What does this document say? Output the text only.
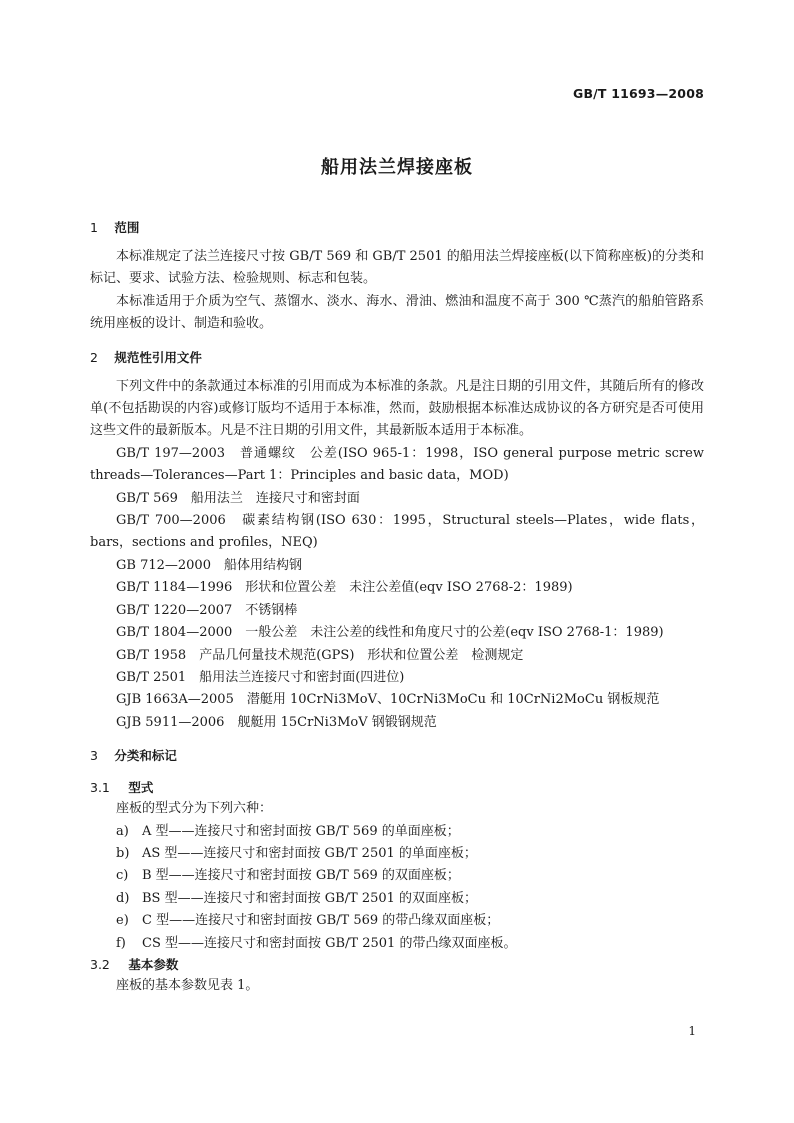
GB/T 11693—2008
船用法兰焊接座板
1 范围

本标准规定了法兰连接尺寸按 GB/T 569 和 GB/T 2501 的船用法兰焊接座板(以下简称座板)的分类和标记、要求、试验方法、检验规则、标志和包装。

本标准适用于介质为空气、蒸馏水、淡水、海水、滑油、燃油和温度不高于 300 ℃蒸汽的船舶管路系统用座板的设计、制造和验收。

2 规范性引用文件

下列文件中的条款通过本标准的引用而成为本标准的条款。凡是注日期的引用文件，其随后所有的修改单(不包括勘误的内容)或修订版均不适用于本标准，然而，鼓励根据本标准达成协议的各方研究是否可使用这些文件的最新版本。凡是不注日期的引用文件，其最新版本适用于本标准。

GB/T 197—2003　普通螺纹　公差(ISO 965-1：1998，ISO general purpose metric screw threads—Tolerances—Part 1：Principles and basic data，MOD)

GB/T 569　船用法兰　连接尺寸和密封面

GB/T 700—2006　碳素结构钢(ISO 630：1995，Structural steels—Plates，wide flats，bars，sections and profiles，NEQ)

GB 712—2000　船体用结构钢

GB/T 1184—1996　形状和位置公差　未注公差值(eqv ISO 2768-2：1989)

GB/T 1220—2007　不锈钢棒

GB/T 1804—2000　一般公差　未注公差的线性和角度尺寸的公差(eqv ISO 2768-1：1989)

GB/T 1958　产品几何量技术规范(GPS)　形状和位置公差　检测规定

GB/T 2501　船用法兰连接尺寸和密封面(四进位)

GJB 1663A—2005　潜艇用 10CrNi3MoV、10CrNi3MoCu 和 10CrNi2MoCu 钢板规范

GJB 5911—2006　舰艇用 15CrNi3MoV 钢锻钢规范

3 分类和标记
3.1 型式

座板的型式分为下列六种：

a) A 型——连接尺寸和密封面按 GB/T 569 的单面座板；
b) AS 型——连接尺寸和密封面按 GB/T 2501 的单面座板；
c) B 型——连接尺寸和密封面按 GB/T 569 的双面座板；
d) BS 型——连接尺寸和密封面按 GB/T 2501 的双面座板；
e) C 型——连接尺寸和密封面按 GB/T 569 的带凸缘双面座板；
f) CS 型——连接尺寸和密封面按 GB/T 2501 的带凸缘双面座板。
3.2 基本参数

座板的基本参数见表 1。

1
